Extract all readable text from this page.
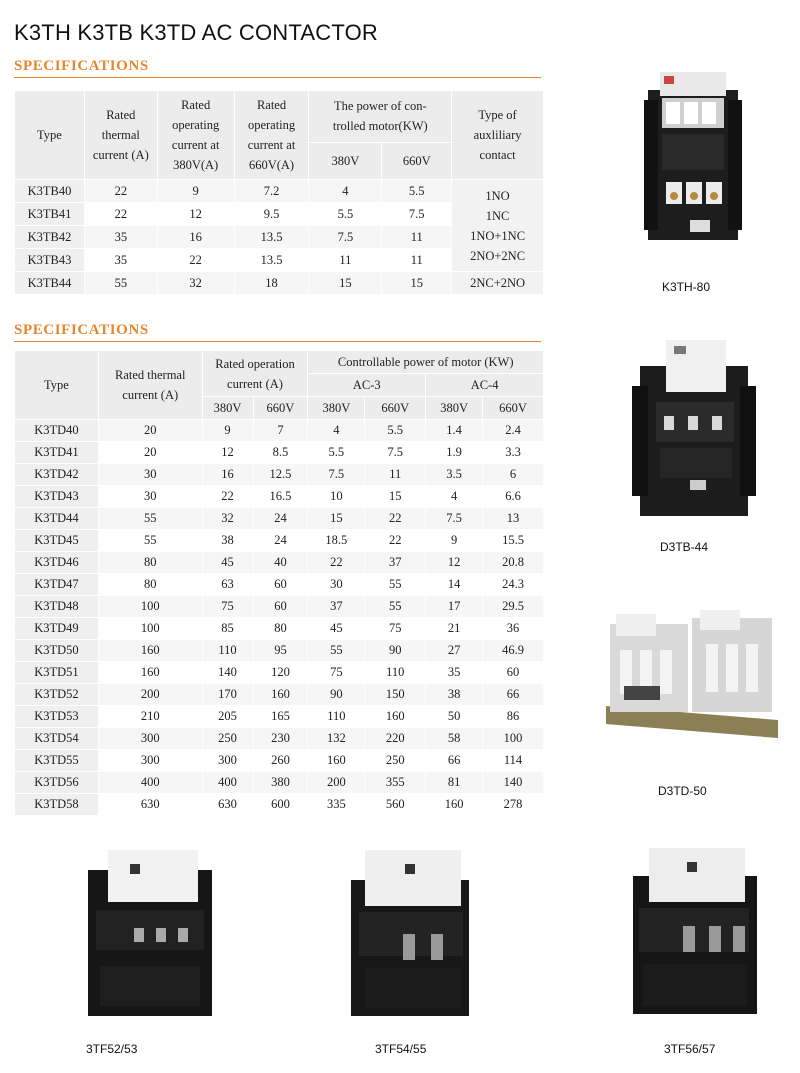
K3TH K3TB K3TD AC CONTACTOR
SPECIFICATIONS
Type	Rated
thermal
current (A)	Rated
operating
current at
380V(A)	Rated
operating
current at
660V(A)	The power of con-
trolled motor(KW)		Type of
auxliliary
contact
				380V	660V	
K3TB40	22	9	7.2	4	5.5	1NO
1NC
1NO+1NC
2NO+2NC
K3TB41	22	12	9.5	5.5	7.5	
K3TB42	35	16	13.5	7.5	11	
K3TB43	35	22	13.5	11	11	
K3TB44	55	32	18	15	15	2NC+2NO
SPECIFICATIONS
Type	Rated thermal
current (A)	Rated operation
current (A)		Controllable power of motor (KW)			
				AC-3		AC-4	
		380V	660V	380V	660V	380V	660V
K3TD40	20	9	7	4	5.5	1.4	2.4
K3TD41	20	12	8.5	5.5	7.5	1.9	3.3
K3TD42	30	16	12.5	7.5	11	3.5	6
K3TD43	30	22	16.5	10	15	4	6.6
K3TD44	55	32	24	15	22	7.5	13
K3TD45	55	38	24	18.5	22	9	15.5
K3TD46	80	45	40	22	37	12	20.8
K3TD47	80	63	60	30	55	14	24.3
K3TD48	100	75	60	37	55	17	29.5
K3TD49	100	85	80	45	75	21	36
K3TD50	160	110	95	55	90	27	46.9
K3TD51	160	140	120	75	110	35	60
K3TD52	200	170	160	90	150	38	66
K3TD53	210	205	165	110	160	50	86
K3TD54	300	250	230	132	220	58	100
K3TD55	300	300	260	160	250	66	114
K3TD56	400	400	380	200	355	81	140
K3TD58	630	630	600	335	560	160	278
K3TH-80
D3TB-44
D3TD-50
3TF52/53	3TF54/55	3TF56/57
